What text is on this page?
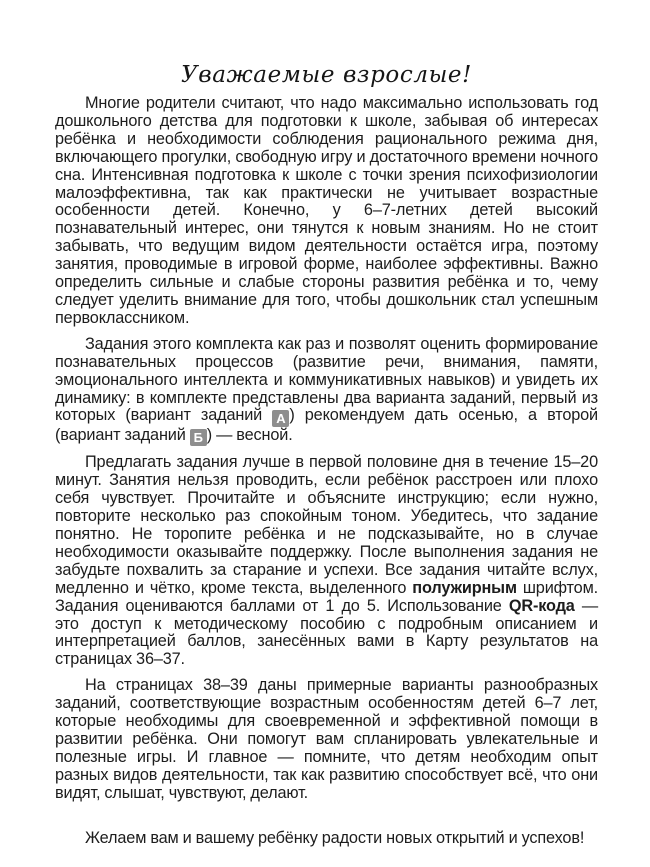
Уважаемые взрослые!

Многие родители считают, что надо максимально использовать год дошкольного детства для подготовки к школе, забывая об интересах ребёнка и необходимости соблюдения рационального режима дня, включающего прогулки, свободную игру и достаточного времени ночного сна. Интенсивная подготовка к школе с точки зрения психофизиологии малоэффективна, так как практически не учитывает возрастные особенности детей. Конечно, у 6–7-летних детей высокий познавательный интерес, они тянутся к новым знаниям. Но не стоит забывать, что ведущим видом деятельности остаётся игра, поэтому занятия, проводимые в игровой форме, наиболее эффективны. Важно определить сильные и слабые стороны развития ребёнка и то, чему следует уделить внимание для того, чтобы дошкольник стал успешным первоклассником.

Задания этого комплекта как раз и позволят оценить формирование познавательных процессов (развитие речи, внимания, памяти, эмоционального интеллекта и коммуникативных навыков) и увидеть их динамику: в комплекте представлены два варианта заданий, первый из которых (вариант заданий А ) рекомендуем дать осенью, а второй (вариант заданий Б ) — весной.

Предлагать задания лучше в первой половине дня в течение 15–20 минут. Занятия нельзя проводить, если ребёнок расстроен или плохо себя чувствует. Прочитайте и объясните инструкцию; если нужно, повторите несколько раз спокойным тоном. Убедитесь, что задание понятно. Не торопите ребёнка и не подсказывайте, но в случае необходимости оказывайте поддержку. После выполнения задания не забудьте похвалить за старание и успехи. Все задания читайте вслух, медленно и чётко, кроме текста, выделенного полужирным шрифтом. Задания оцениваются баллами от 1 до 5. Использование QR-кода — это доступ к методическому пособию с подробным описанием и интерпретацией баллов, занесённых вами в Карту результатов на страницах 36–37.

На страницах 38–39 даны примерные варианты разнообразных заданий, соответствующие возрастным особенностям детей 6–7 лет, которые необходимы для своевременной и эффективной помощи в развитии ребёнка. Они помогут вам спланировать увлекательные и полезные игры. И главное — помните, что детям необходим опыт разных видов деятельности, так как развитию способствует всё, что они видят, слышат, чувствуют, делают.

Желаем вам и вашему ребёнку радости новых открытий и успехов!
